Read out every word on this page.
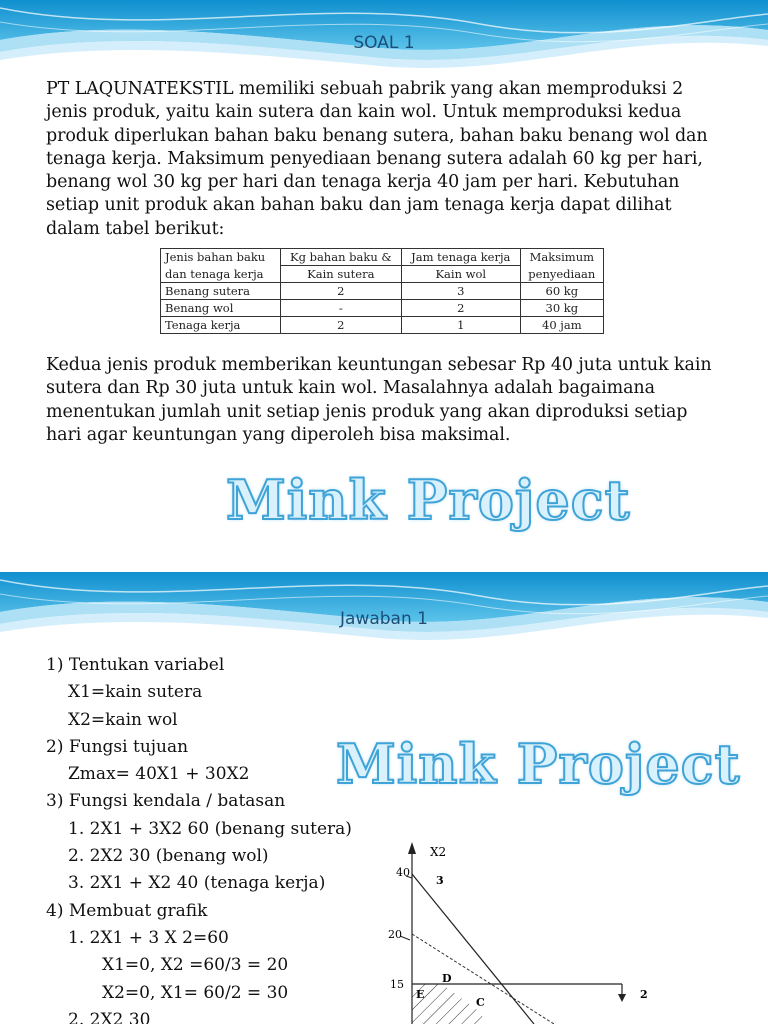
SOAL 1

PT LAQUNATEKSTIL memiliki sebuah pabrik yang akan memproduksi 2 jenis produk, yaitu kain sutera dan kain wol. Untuk memproduksi kedua produk diperlukan bahan baku benang sutera, bahan baku benang wol dan tenaga kerja. Maksimum penyediaan benang sutera adalah 60 kg per hari, benang wol 30 kg per hari dan tenaga kerja 40 jam per hari. Kebutuhan setiap unit produk akan bahan baku dan jam tenaga kerja dapat dilihat dalam tabel berikut:

Jenis bahan baku	Kg bahan baku &	Jam tenaga kerja	Maksimum
dan tenaga kerja	Kain sutera	Kain wol	penyediaan
Benang sutera	2	3	60 kg
Benang wol	-	2	30 kg
Tenaga kerja	2	1	40 jam

Kedua jenis produk memberikan keuntungan sebesar Rp 40 juta untuk kain sutera dan Rp 30 juta untuk kain wol. Masalahnya adalah bagaimana menentukan jumlah unit setiap jenis produk yang akan diproduksi setiap hari agar keuntungan yang diperoleh bisa maksimal.

Mink Project
Jawaban 1
1) Tentukan variabel
X1=kain sutera
X2=kain wol
2) Fungsi tujuan
Zmax= 40X1 + 30X2
3) Fungsi kendala / batasan
1. 2X1 + 3X2 60 (benang sutera)
2. 2X2 30 (benang wol)
3. 2X1 + X2 40 (tenaga kerja)
4) Membuat grafik
1. 2X1 + 3 X 2=60
X1=0, X2 =60/3 = 20
X2=0, X1= 60/2 = 30
2. 2X2 30
Mink Project
X2
40
20
15
3
2
E
D
C
